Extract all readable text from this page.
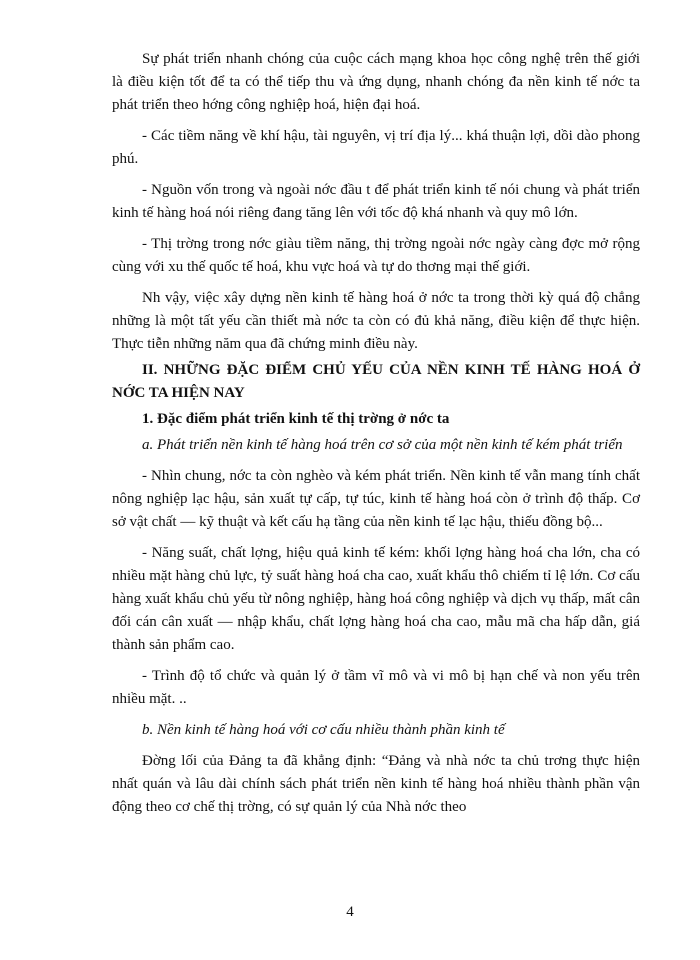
Sự phát triển nhanh chóng của cuộc cách mạng khoa học công nghệ trên thế giới là điều kiện tốt để ta có thể tiếp thu và ứng dụng, nhanh chóng đa nền kinh tế nớc ta phát triển theo hớng công nghiệp hoá, hiện đại hoá.

- Các tiềm năng về khí hậu, tài nguyên, vị trí địa lý... khá thuận lợi, dồi dào phong phú.

- Nguồn vốn trong và ngoài nớc đầu t để phát triển kinh tế nói chung và phát triển kinh tế hàng hoá nói riêng đang tăng lên với tốc độ khá nhanh và quy mô lớn.

- Thị trờng trong nớc giàu tiềm năng, thị trờng ngoài nớc ngày càng đợc mở rộng cùng với xu thế quốc tế hoá, khu vực hoá và tự do thơng mại thế giới.

Nh vậy, việc xây dựng nền kinh tế hàng hoá ở nớc ta trong thời kỳ quá độ chẳng những là một tất yếu cần thiết mà nớc ta còn có đủ khả năng, điều kiện để thực hiện. Thực tiễn những năm qua đã chứng minh điều này.

II. NHỮNG ĐẶC ĐIỂM CHỦ YẾU CỦA NỀN KINH TẾ HÀNG HOÁ Ở NỚC TA HIỆN NAY

1. Đặc điểm phát triển kinh tế thị trờng ở nớc ta

a. Phát triển nền kinh tế hàng hoá trên cơ sở của một nền kinh tế kém phát triển

- Nhìn chung, nớc ta còn nghèo và kém phát triển. Nền kinh tế vẫn mang tính chất nông nghiệp lạc hậu, sản xuất tự cấp, tự túc, kinh tế hàng hoá còn ở trình độ thấp. Cơ sở vật chất — kỹ thuật và kết cấu hạ tầng của nền kinh tế lạc hậu, thiếu đồng bộ...

- Năng suất, chất lợng, hiệu quả kinh tế kém: khối lợng hàng hoá cha lớn, cha có nhiều mặt hàng chủ lực, tỷ suất hàng hoá cha cao, xuất khẩu thô chiếm tỉ lệ lớn. Cơ cấu hàng xuất khẩu chủ yếu từ nông nghiệp, hàng hoá công nghiệp và dịch vụ thấp, mất cân đối cán cân xuất — nhập khẩu, chất lợng hàng hoá cha cao, mẫu mã cha hấp dẫn, giá thành sản phẩm cao.

- Trình độ tổ chức và quản lý ở tầm vĩ mô và vi mô bị hạn chế và non yếu trên nhiều mặt. ..

b. Nền kinh tế hàng hoá với cơ cấu nhiều thành phần kinh tế

Đờng lối của Đảng ta đã khẳng định: “Đảng và nhà nớc ta chủ trơng thực hiện nhất quán và lâu dài chính sách phát triển nền kinh tế hàng hoá nhiều thành phần vận động theo cơ chế thị trờng, có sự quản lý của Nhà nớc theo

4
